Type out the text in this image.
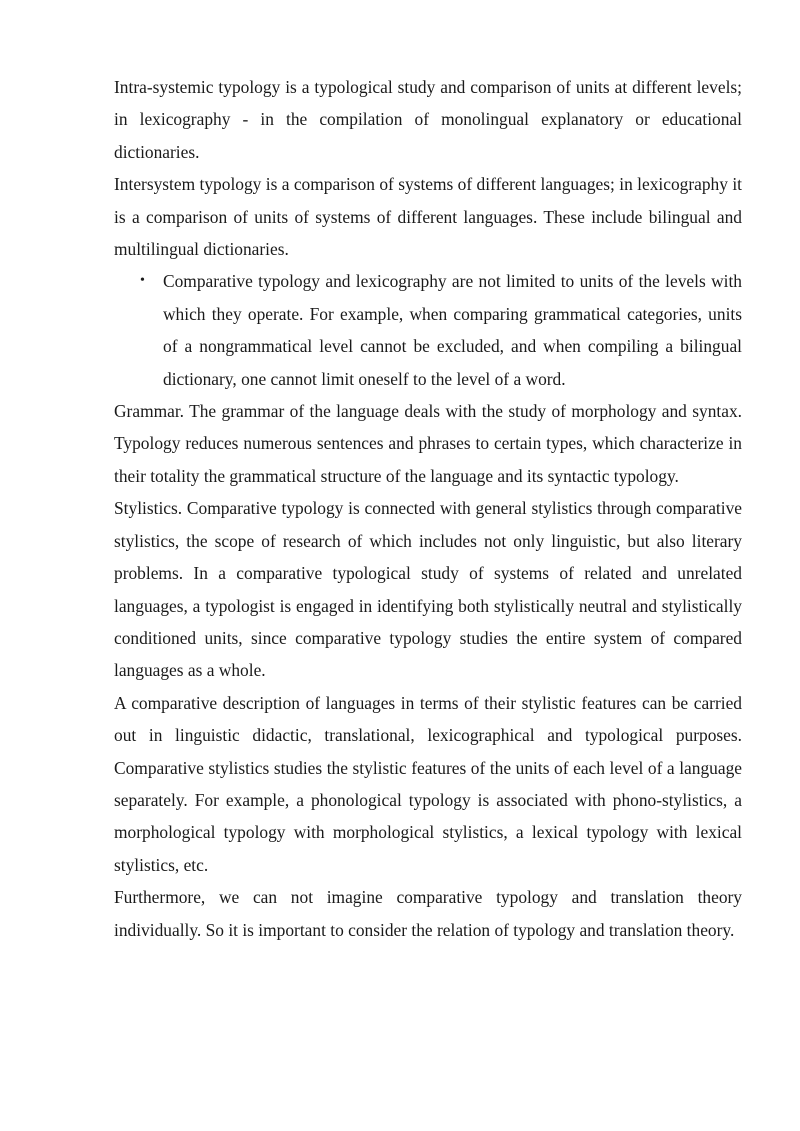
Intra-systemic typology is a typological study and comparison of units at different levels; in lexicography - in the compilation of monolingual explanatory or educational dictionaries.

Intersystem typology is a comparison of systems of different languages; in lexicography it is a comparison of units of systems of different languages. These include bilingual and multilingual dictionaries.

• Comparative typology and lexicography are not limited to units of the levels with which they operate. For example, when comparing grammatical categories, units of a nongrammatical level cannot be excluded, and when compiling a bilingual dictionary, one cannot limit oneself to the level of a word.

Grammar. The grammar of the language deals with the study of morphology and syntax. Typology reduces numerous sentences and phrases to certain types, which characterize in their totality the grammatical structure of the language and its syntactic typology.

Stylistics. Comparative typology is connected with general stylistics through comparative stylistics, the scope of research of which includes not only linguistic, but also literary problems. In a comparative typological study of systems of related and unrelated languages, a typologist is engaged in identifying both stylistically neutral and stylistically conditioned units, since comparative typology studies the entire system of compared languages as a whole.

A comparative description of languages in terms of their stylistic features can be carried out in linguistic didactic, translational, lexicographical and typological purposes. Comparative stylistics studies the stylistic features of the units of each level of a language separately. For example, a phonological typology is associated with phono-stylistics, a morphological typology with morphological stylistics, a lexical typology with lexical stylistics, etc.

Furthermore, we can not imagine comparative typology and translation theory individually. So it is important to consider the relation of typology and translation theory.
